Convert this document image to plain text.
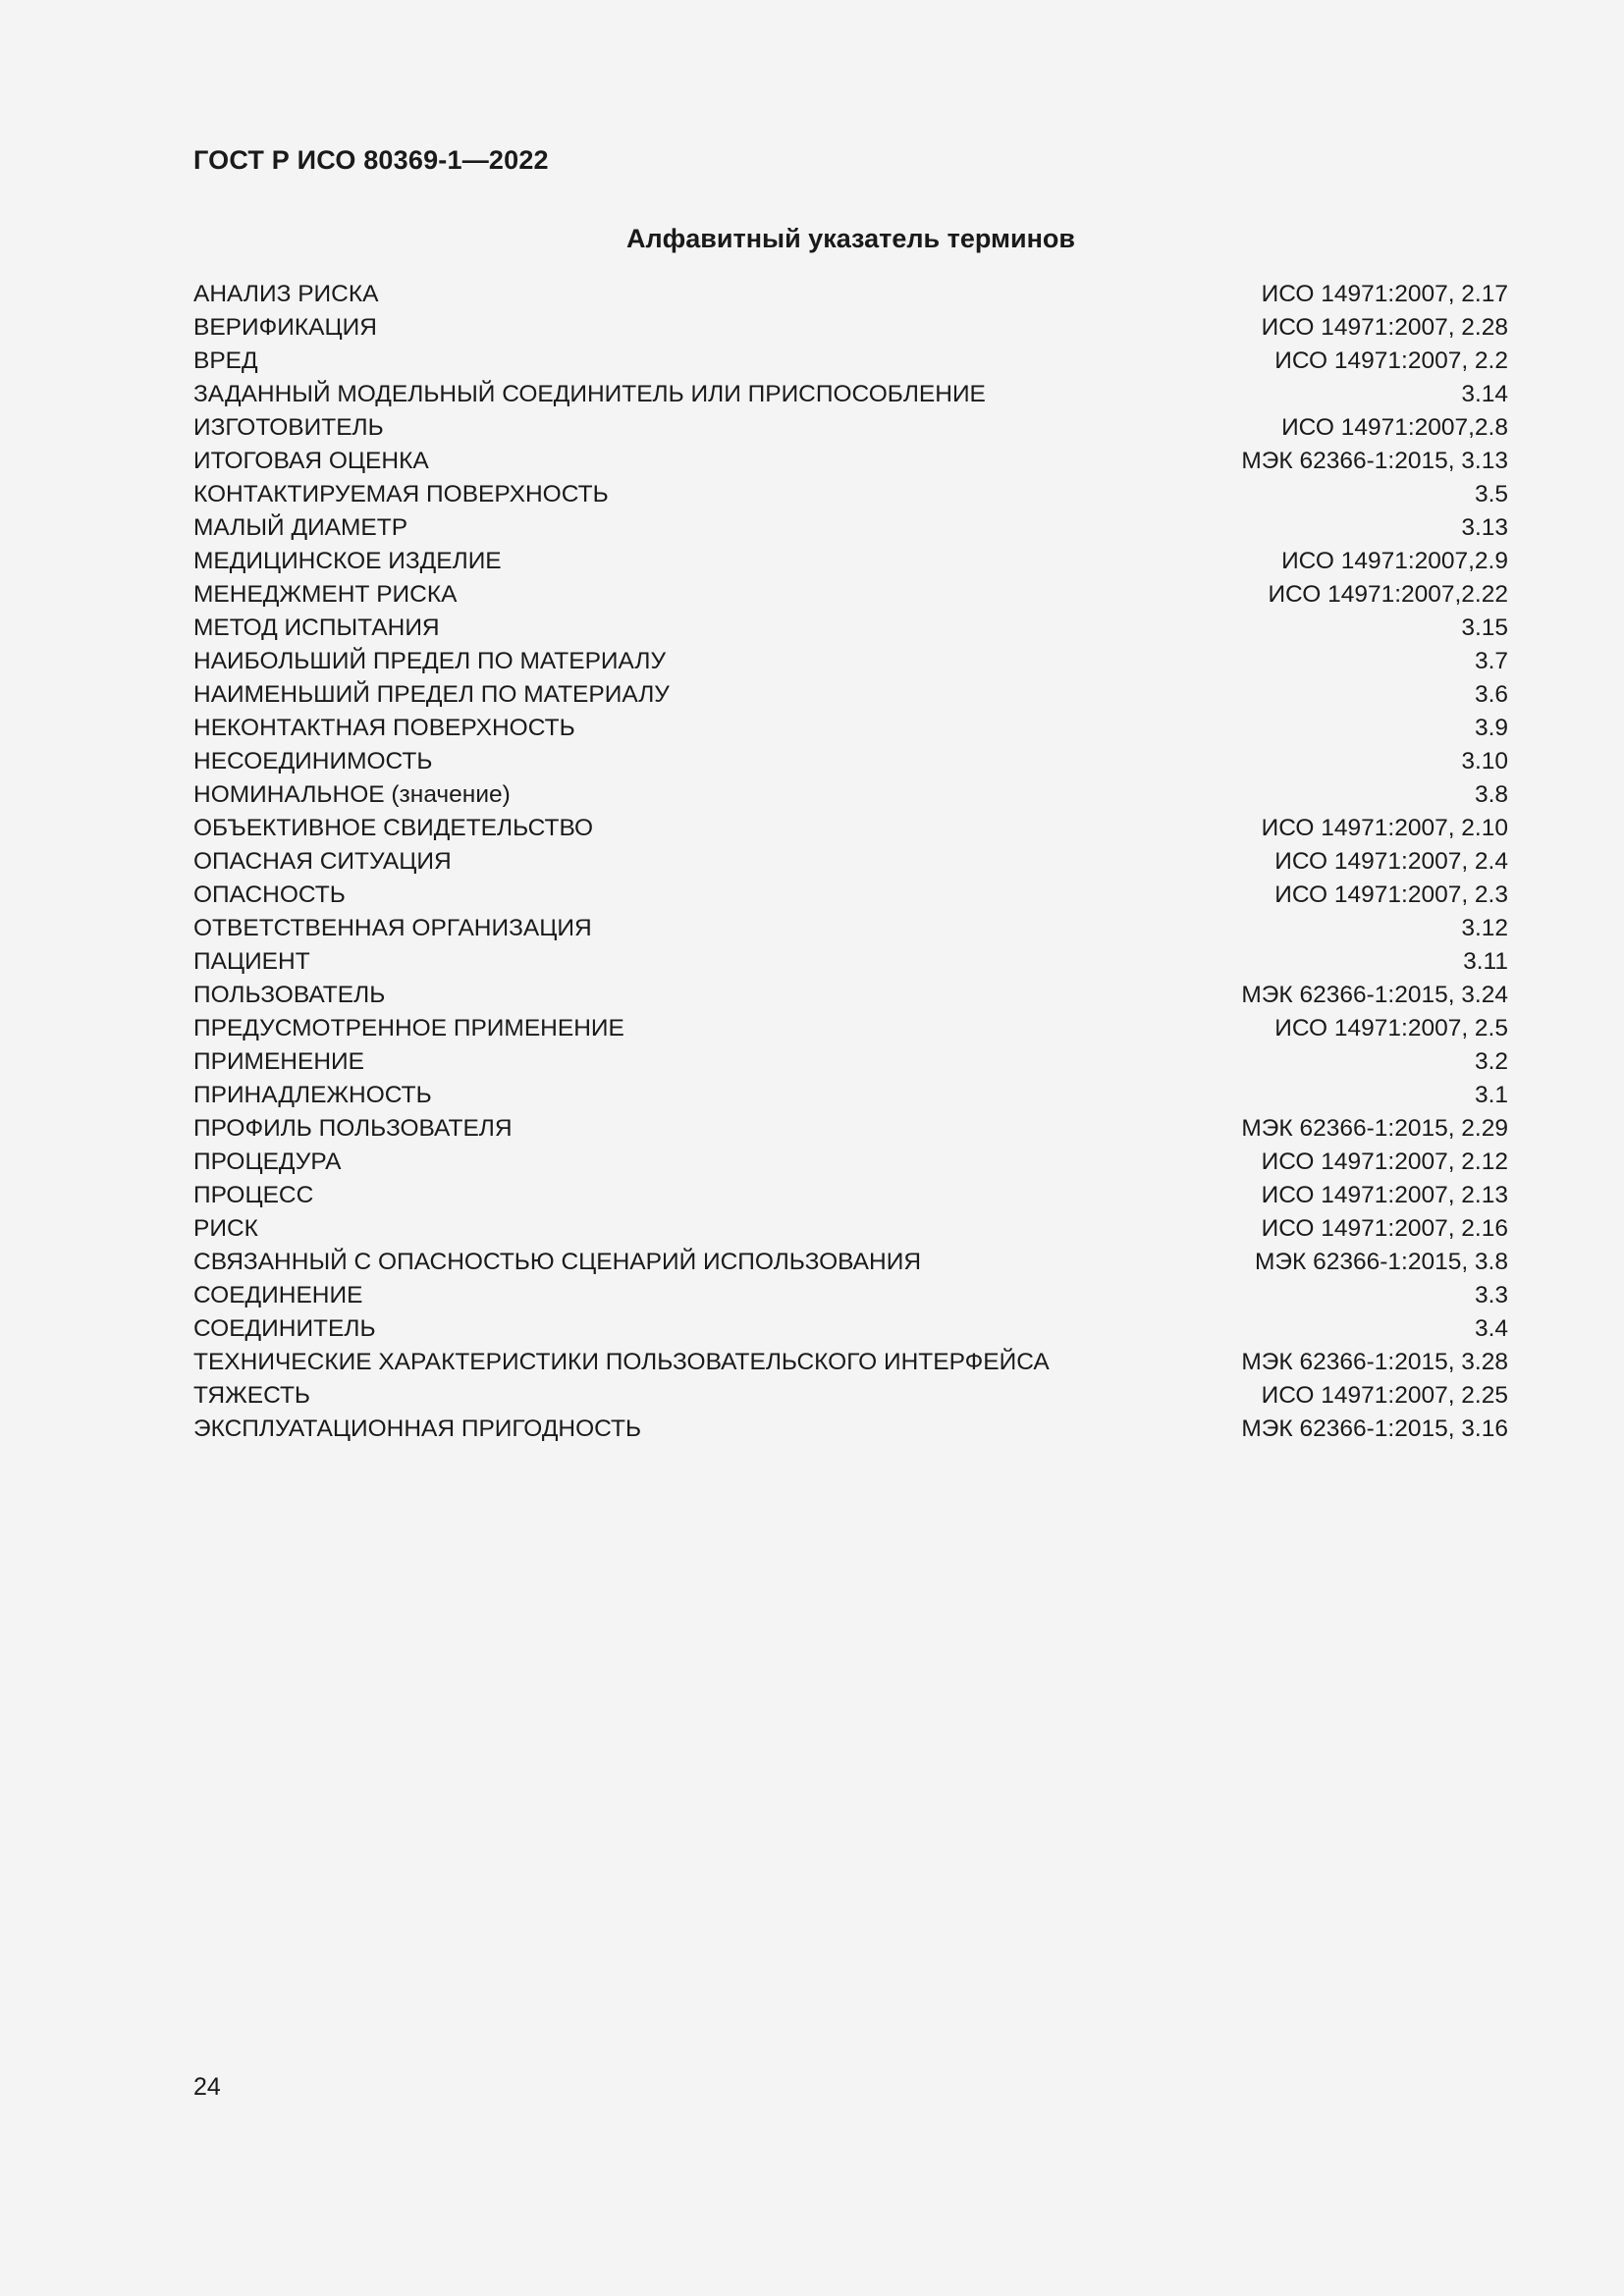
ГОСТ Р ИСО 80369-1—2022
Алфавитный указатель терминов
АНАЛИЗ РИСКА	ИСО 14971:2007, 2.17
ВЕРИФИКАЦИЯ	ИСО 14971:2007, 2.28
ВРЕД	ИСО 14971:2007, 2.2
ЗАДАННЫЙ МОДЕЛЬНЫЙ СОЕДИНИТЕЛЬ ИЛИ ПРИСПОСОБЛЕНИЕ	3.14
ИЗГОТОВИТЕЛЬ	ИСО 14971:2007,2.8
ИТОГОВАЯ ОЦЕНКА	МЭК 62366-1:2015, 3.13
КОНТАКТИРУЕМАЯ ПОВЕРХНОСТЬ	3.5
МАЛЫЙ ДИАМЕТР	3.13
МЕДИЦИНСКОЕ ИЗДЕЛИЕ	ИСО 14971:2007,2.9
МЕНЕДЖМЕНТ РИСКА	ИСО 14971:2007,2.22
МЕТОД ИСПЫТАНИЯ	3.15
НАИБОЛЬШИЙ ПРЕДЕЛ ПО МАТЕРИАЛУ	3.7
НАИМЕНЬШИЙ ПРЕДЕЛ ПО МАТЕРИАЛУ	3.6
НЕКОНТАКТНАЯ ПОВЕРХНОСТЬ	3.9
НЕСОЕДИНИМОСТЬ	3.10
НОМИНАЛЬНОЕ (значение)	3.8
ОБЪЕКТИВНОЕ СВИДЕТЕЛЬСТВО	ИСО 14971:2007, 2.10
ОПАСНАЯ СИТУАЦИЯ	ИСО 14971:2007, 2.4
ОПАСНОСТЬ	ИСО 14971:2007, 2.3
ОТВЕТСТВЕННАЯ ОРГАНИЗАЦИЯ	3.12
ПАЦИЕНТ	3.11
ПОЛЬЗОВАТЕЛЬ	МЭК 62366-1:2015, 3.24
ПРЕДУСМОТРЕННОЕ ПРИМЕНЕНИЕ	ИСО 14971:2007, 2.5
ПРИМЕНЕНИЕ	3.2
ПРИНАДЛЕЖНОСТЬ	3.1
ПРОФИЛЬ ПОЛЬЗОВАТЕЛЯ	МЭК 62366-1:2015, 2.29
ПРОЦЕДУРА	ИСО 14971:2007, 2.12
ПРОЦЕСС	ИСО 14971:2007, 2.13
РИСК	ИСО 14971:2007, 2.16
СВЯЗАННЫЙ С ОПАСНОСТЬЮ СЦЕНАРИЙ ИСПОЛЬЗОВАНИЯ	МЭК 62366-1:2015, 3.8
СОЕДИНЕНИЕ	3.3
СОЕДИНИТЕЛЬ	3.4
ТЕХНИЧЕСКИЕ ХАРАКТЕРИСТИКИ ПОЛЬЗОВАТЕЛЬСКОГО ИНТЕРФЕЙСА	МЭК 62366-1:2015, 3.28
ТЯЖЕСТЬ	ИСО 14971:2007, 2.25
ЭКСПЛУАТАЦИОННАЯ ПРИГОДНОСТЬ	МЭК 62366-1:2015, 3.16
24
